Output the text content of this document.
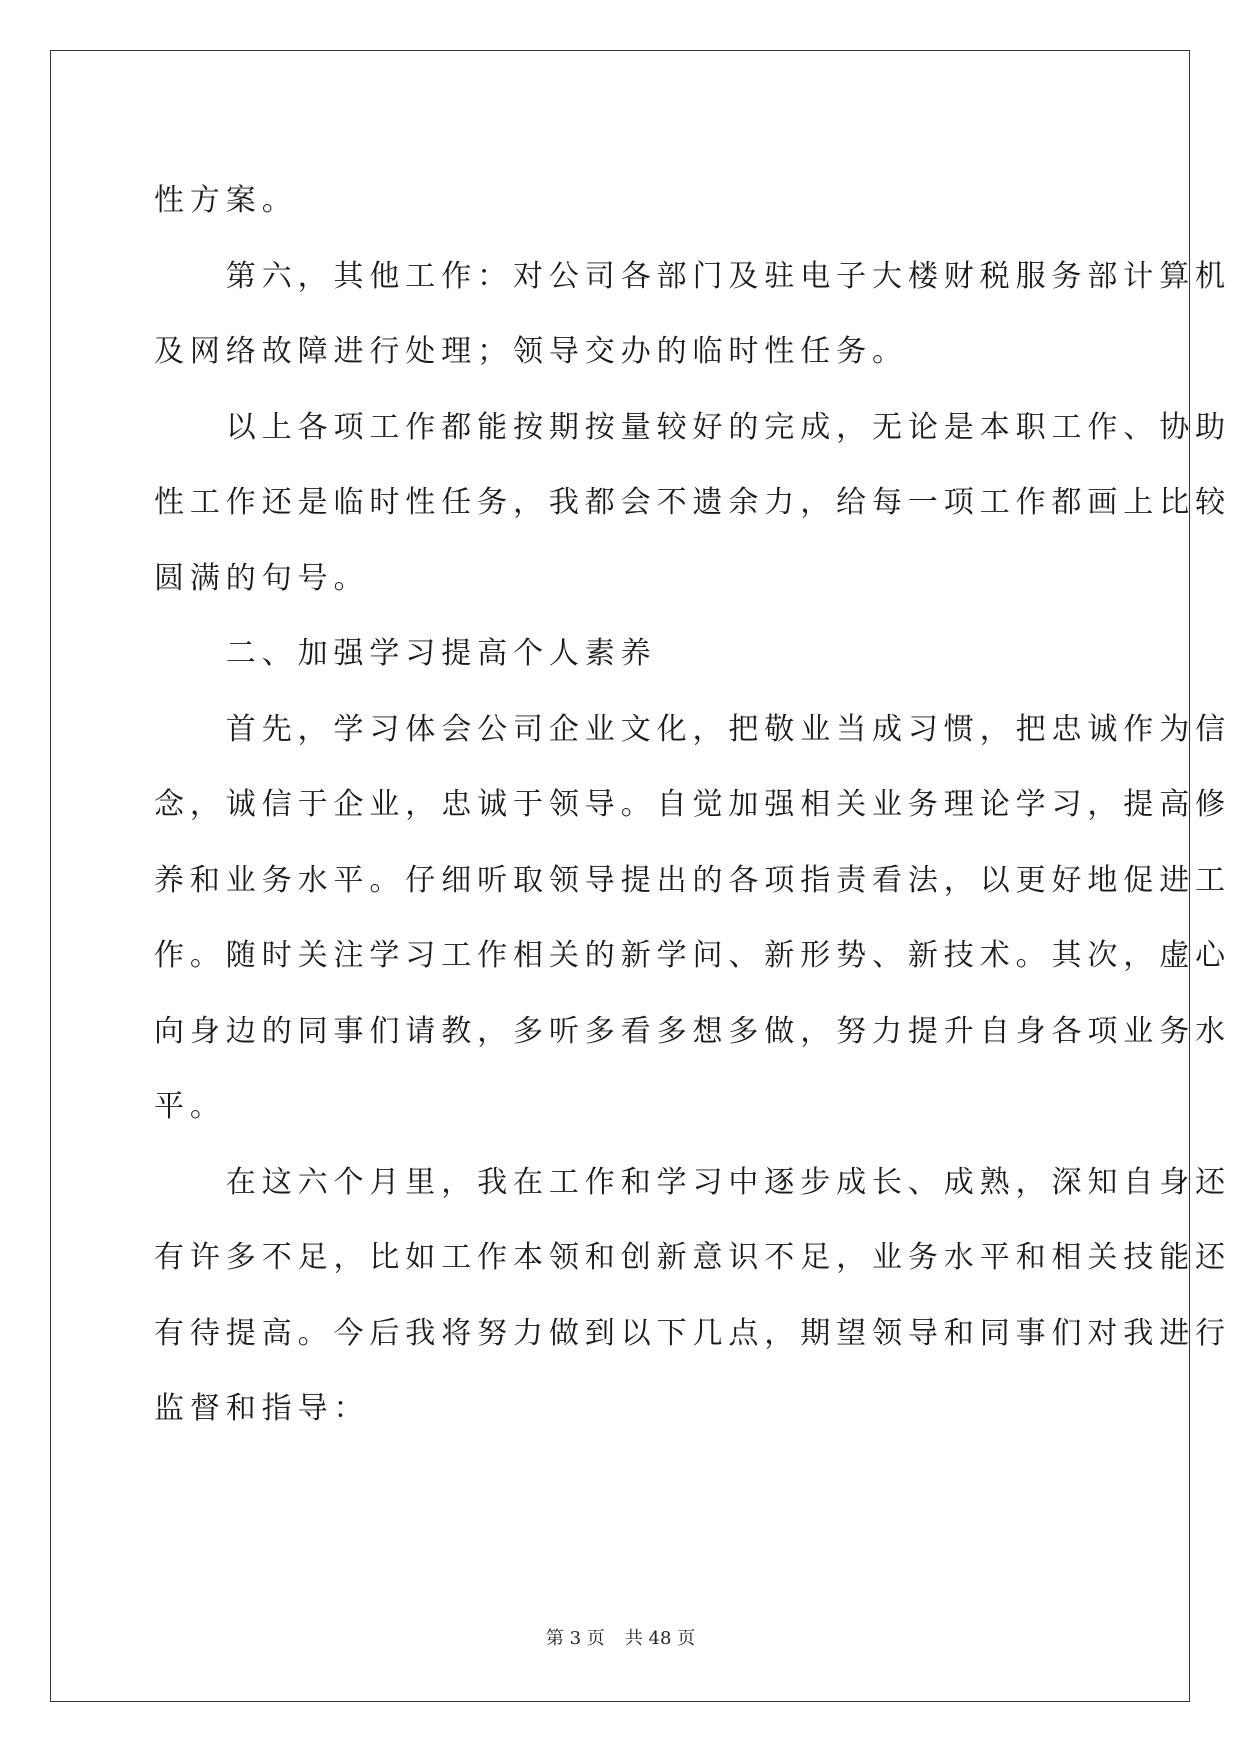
性方案。
　　第六，其他工作：对公司各部门及驻电子大楼财税服务部计算机
及网络故障进行处理；领导交办的临时性任务。
　　以上各项工作都能按期按量较好的完成，无论是本职工作、协助
性工作还是临时性任务，我都会不遗余力，给每一项工作都画上比较
圆满的句号。
　　二、加强学习提高个人素养
　　首先，学习体会公司企业文化，把敬业当成习惯，把忠诚作为信
念，诚信于企业，忠诚于领导。自觉加强相关业务理论学习，提高修
养和业务水平。仔细听取领导提出的各项指责看法，以更好地促进工
作。随时关注学习工作相关的新学问、新形势、新技术。其次，虚心
向身边的同事们请教，多听多看多想多做，努力提升自身各项业务水
平。
　　在这六个月里，我在工作和学习中逐步成长、成熟，深知自身还
有许多不足，比如工作本领和创新意识不足，业务水平和相关技能还
有待提高。今后我将努力做到以下几点，期望领导和同事们对我进行
监督和指导：

第 3 页 共 48 页
